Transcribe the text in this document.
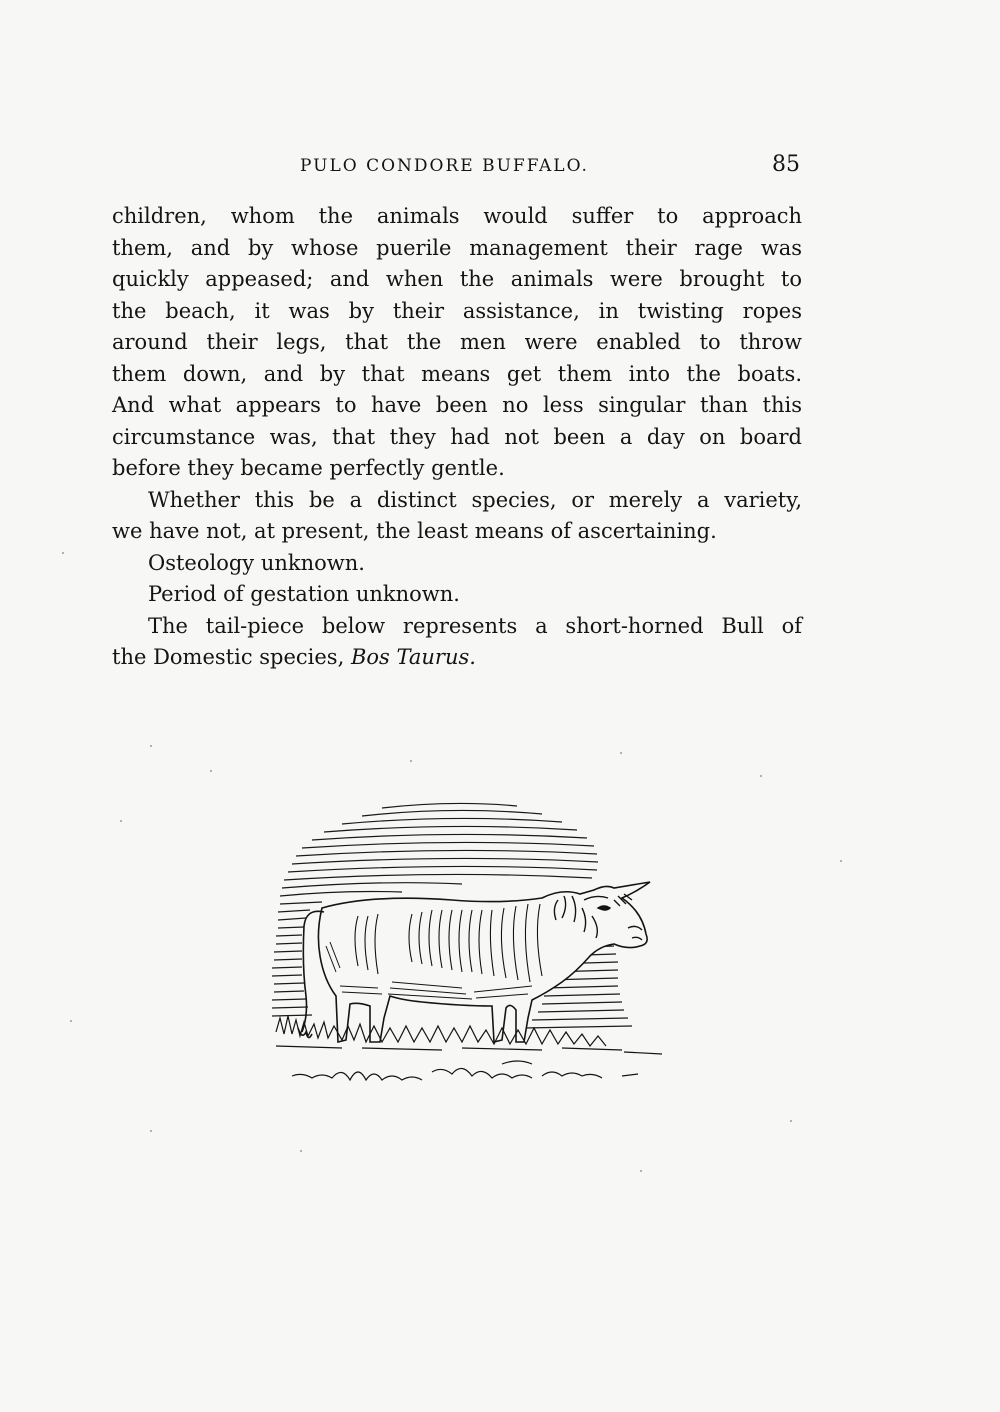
PULO CONDORE BUFFALO.	85
children, whom the animals would suffer to approach
them, and by whose puerile management their rage was
quickly appeased; and when the animals were brought to
the beach, it was by their assistance, in twisting ropes
around their legs, that the men were enabled to throw
them down, and by that means get them into the boats.
And what appears to have been no less singular than this
circumstance was, that they had not been a day on board
before they became perfectly gentle.
Whether this be a distinct species, or merely a variety,
we have not, at present, the least means of ascertaining.
Osteology unknown.
Period of gestation unknown.
The tail-piece below represents a short-horned Bull of
the Domestic species, Bos Taurus.
